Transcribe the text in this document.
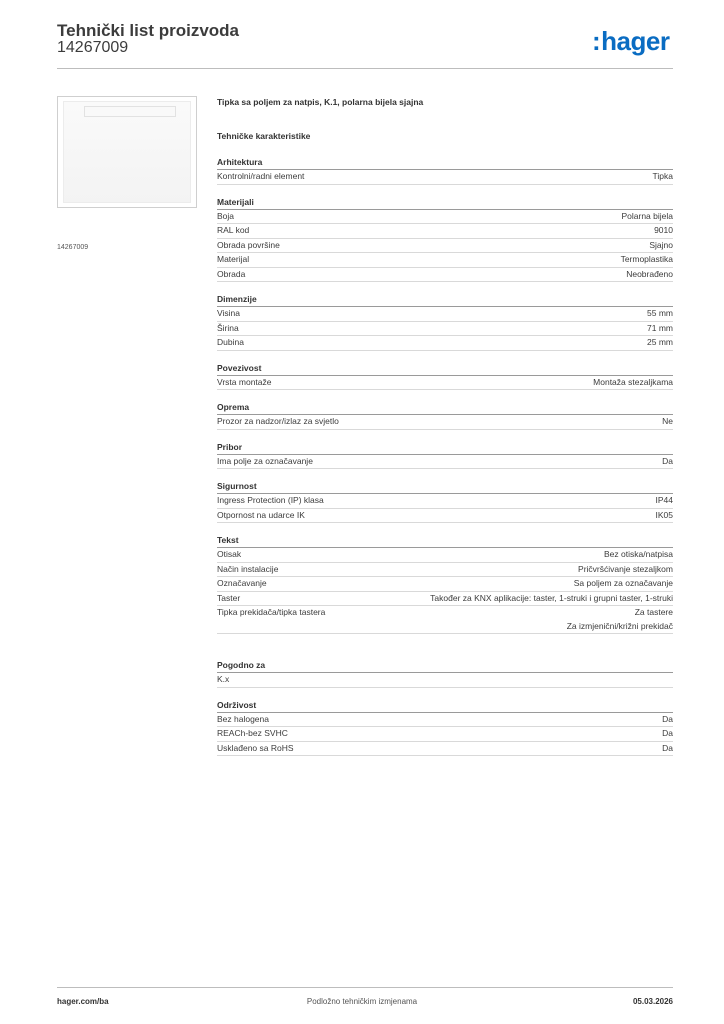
Tehnički list proizvoda
14267009	:hager
14267009
Tipka sa poljem za natpis, K.1, polarna bijela sjajna
Tehničke karakteristike
Arhitektura
Kontrolni/radni element	Tipka
Materijali
Boja	Polarna bijela
RAL kod	9010
Obrada površine	Sjajno
Materijal	Termoplastika
Obrada	Neobrađeno
Dimenzije
Visina	55 mm
Širina	71 mm
Dubina	25 mm
Povezivost
Vrsta montaže	Montaža stezaljkama
Oprema
Prozor za nadzor/izlaz za svjetlo	Ne
Pribor
Ima polje za označavanje	Da
Sigurnost
Ingress Protection (IP) klasa	IP44
Otpornost na udarce IK	IK05
Tekst
Otisak	Bez otiska/natpisa
Način instalacije	Pričvršćivanje stezaljkom
Označavanje	Sa poljem za označavanje
Taster	Također za KNX aplikacije: taster, 1-struki i grupni taster, 1-struki
Tipka prekidača/tipka tastera	Za tastere
Za izmjenični/križni prekidač
Pogodno za
K.x
Održivost
Bez halogena	Da
REACh-bez SVHC	Da
Usklađeno sa RoHS	Da
hager.com/ba	Podložno tehničkim izmjenama	05.03.2026
